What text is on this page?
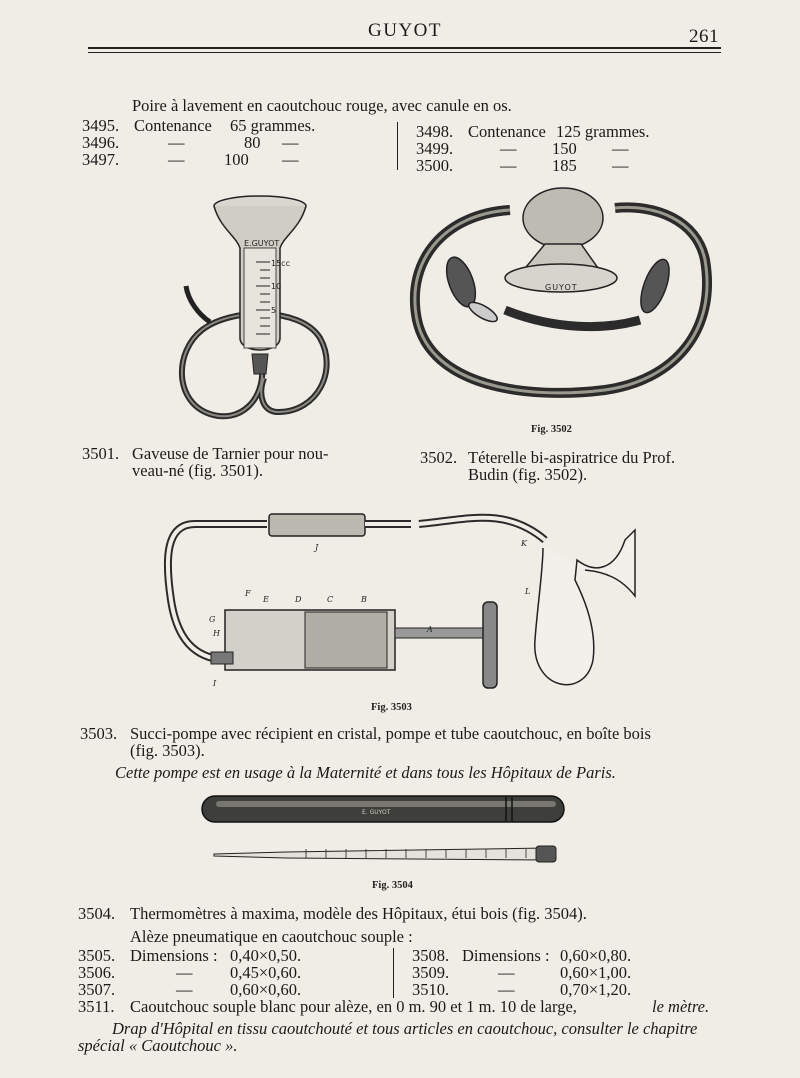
GUYOT	261
Poire à lavement en caoutchouc rouge, avec canule en os.
3495. Contenance 65 grammes.
3496.	—	80 —
3497.	— 100 —
3498. Contenance 125 grammes.
3499.	— 150 —
3500.	— 185 —
E.GUYOT
15cc
10
5
GUYOT
Fig. 3502
3501. Gaveuse de Tarnier pour nou-
veau-né (fig. 3501).
3502. Téterelle bi-aspiratrice du Prof.
Budin (fig. 3502).
J
F
E	D	C	B
G
H
I
A
K
L
Fig. 3503
3503. Succi-pompe avec récipient en cristal, pompe et tube caoutchouc, en boîte bois
(fig. 3503).
Cette pompe est en usage à la Maternité et dans tous les Hôpitaux de Paris.
E. GUYOT
Fig. 3504
3504. Thermomètres à maxima, modèle des Hôpitaux, étui bois (fig. 3504).
Alèze pneumatique en caoutchouc souple :
3505. Dimensions : 0,40×0,50.
3506.	— 0,45×0,60.
3507.	— 0,60×0,60.
3508. Dimensions : 0,60×0,80.
3509.	—	0,60×1,00.
3510.	—	0,70×1,20.
3511. Caoutchouc souple blanc pour alèze, en 0 m. 90 et 1 m. 10 de large,	le mètre.
Drap d'Hôpital en tissu caoutchouté et tous articles en caoutchouc, consulter le chapitre
spécial « Caoutchouc ».
